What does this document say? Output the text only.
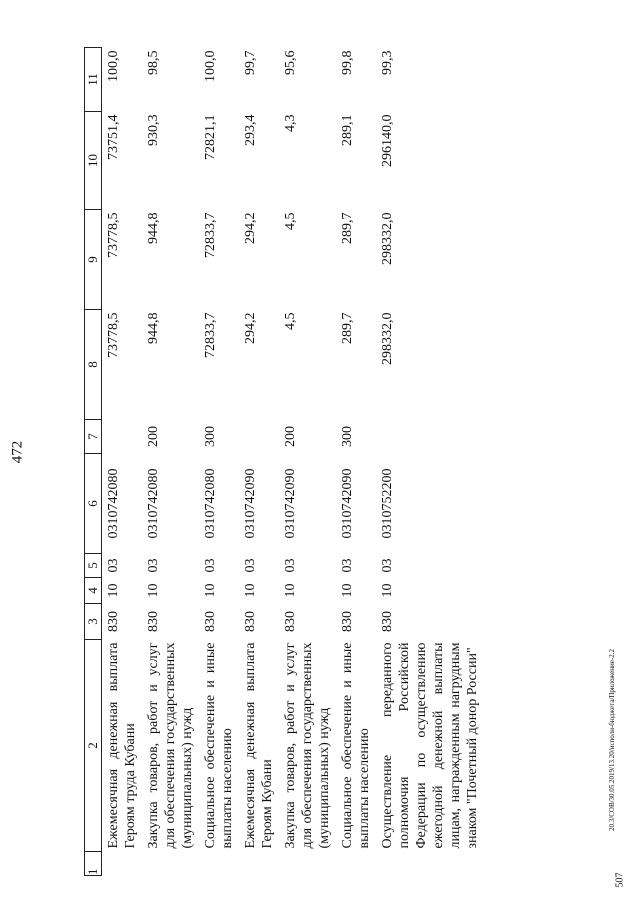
472
20.3/СОВ/30.05.2019/13.20/исполн-бюджета/Приложение-2.2
507
1	2	3	4	5	6	7	8	9	10	11
	Ежемесячная денежная выплата Героям труда Кубани	830	10	03	0310742080		73778,5	73778,5	73751,4	100,0
	Закупка товаров, работ и услуг для обеспечения государственных (муниципальных) нужд	830	10	03	0310742080	200	944,8	944,8	930,3	98,5
	Социальное обеспечение и иные выплаты населению	830	10	03	0310742080	300	72833,7	72833,7	72821,1	100,0
	Ежемесячная денежная выплата Героям Кубани	830	10	03	0310742090		294,2	294,2	293,4	99,7
	Закупка товаров, работ и услуг для обеспечения государственных (муниципальных) нужд	830	10	03	0310742090	200	4,5	4,5	4,3	95,6
	Социальное обеспечение и иные выплаты населению	830	10	03	0310742090	300	289,7	289,7	289,1	99,8
	Осуществление переданного полномочия Российской Федерации по осуществлению ежегодной денежной выплаты лицам, награжденным нагрудным знаком "Почетный донор России"	830	10	03	0310752200		298332,0	298332,0	296140,0	99,3
